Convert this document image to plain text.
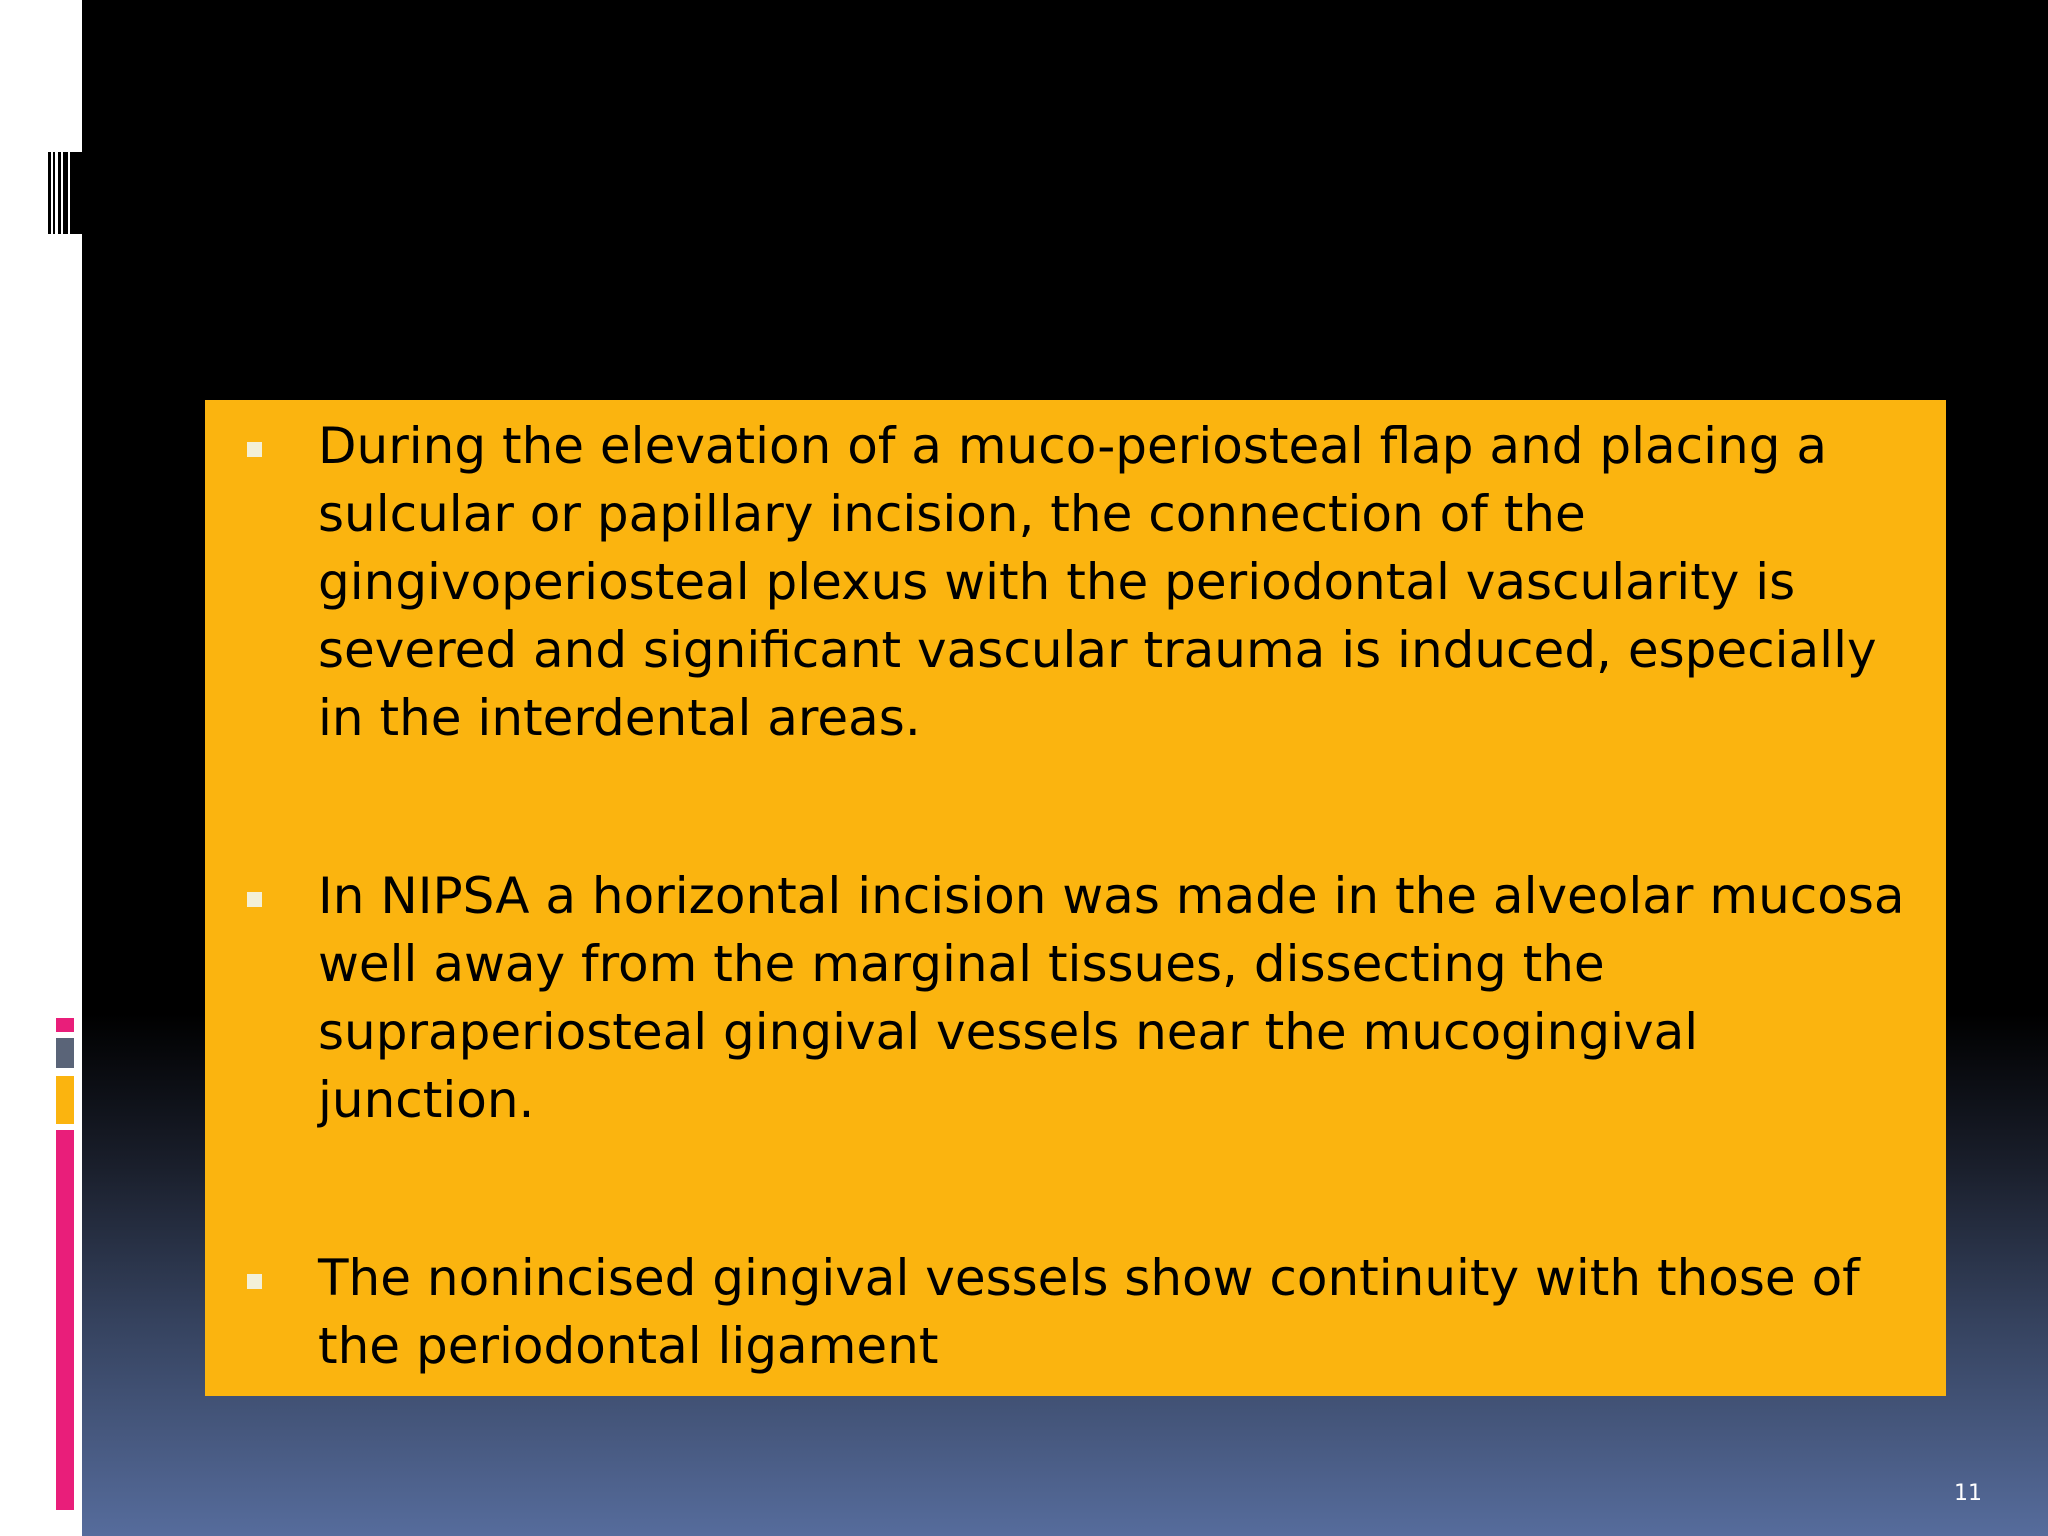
During the elevation of a muco-periosteal flap and placing a sulcular or papillary incision, the connection of the gingivoperiosteal plexus with the periodontal vascularity is severed and significant vascular trauma is induced, especially in the interdental areas.
In NIPSA a horizontal incision was made in the alveolar mucosa well away from the marginal tissues, dissecting the supraperiosteal gingival vessels near the mucogingival junction.
The nonincised gingival vessels show continuity with those of the periodontal ligament
11
